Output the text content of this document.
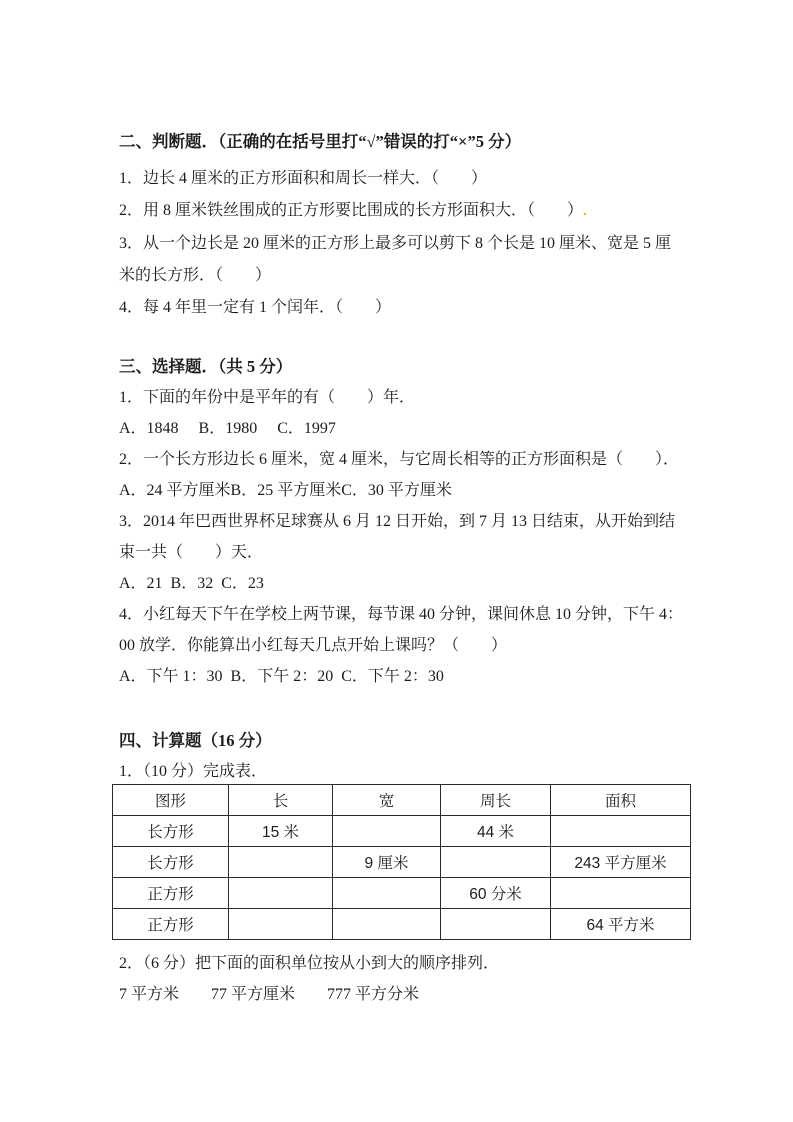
二、判断题．（正确的在括号里打“√”错误的打“×”5 分）
1．边长 4 厘米的正方形面积和周长一样大．（　　）
2．用 8 厘米铁丝围成的正方形要比围成的长方形面积大．（　　）.
3．从一个边长是 20 厘米的正方形上最多可以剪下 8 个长是 10 厘米、宽是 5 厘
米的长方形．（　　）
4．每 4 年里一定有 1 个闰年．（　　）
三、选择题．（共 5 分）
1．下面的年份中是平年的有（　　）年．
A．1848　 B．1980　 C．1997
2．一个长方形边长 6 厘米，宽 4 厘米，与它周长相等的正方形面积是（　　）．
A．24 平方厘米B．25 平方厘米C．30 平方厘米
3．2014 年巴西世界杯足球赛从 6 月 12 日开始，到 7 月 13 日结束，从开始到结
束一共（　　）天．
A．21  B．32  C．23
4．小红每天下午在学校上两节课，每节课 40 分钟，课间休息 10 分钟，下午 4：
00 放学．你能算出小红每天几点开始上课吗？（　　）
A．下午 1：30  B．下午 2：20  C．下午 2：30
四、计算题（16 分）
1．（10 分）完成表．
图形	长	宽	周长	面积
长方形	15 米		44 米	
长方形		9 厘米		243 平方厘米
正方形			60 分米	
正方形				64 平方米
2．（6 分）把下面的面积单位按从小到大的顺序排列．
7 平方米　　77 平方厘米　　777 平方分米
